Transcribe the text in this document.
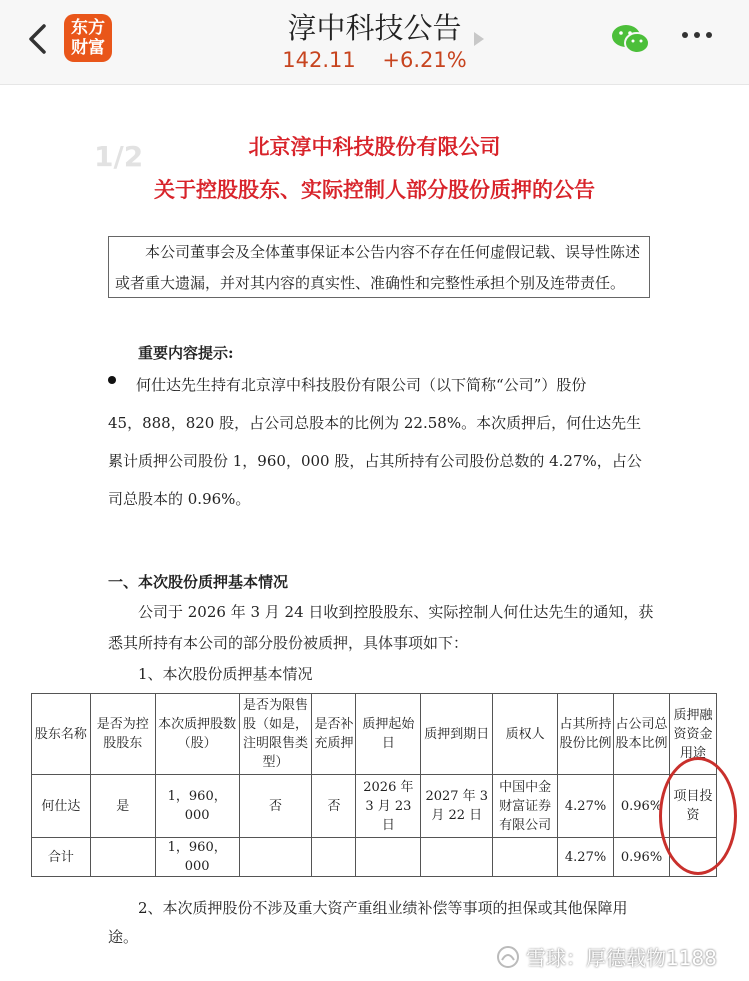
东方
财富
淳中科技公告
142.11 +6.21%
1/2	北京淳中科技股份有限公司
关于控股股东、实际控制人部分股份质押的公告

本公司董事会及全体董事保证本公告内容不存在任何虚假记载、误导性陈述

或者重大遗漏，并对其内容的真实性、准确性和完整性承担个别及连带责任。

重要内容提示:
何仕达先生持有北京淳中科技股份有限公司（以下简称“公司”）股份
45，888，820 股，占公司总股本的比例为 22.58%。本次质押后，何仕达先生
累计质押公司股份 1，960，000 股，占其所持有公司股份总数的 4.27%，占公
司总股本的 0.96%。
一、本次股份质押基本情况
公司于 2026 年 3 月 24 日收到控股股东、实际控制人何仕达先生的通知，获
悉其所持有本公司的部分股份被质押，具体事项如下：
1、本次股份质押基本情况
股东名称	是否为控股股东	本次质押股数（股）	是否为限售股（如是，注明限售类型）	是否补充质押	质押起始日	质押到期日	质权人	占其所持股份比例	占公司总股本比例	质押融资资金用途
何仕达	是	1，960，000	否	否	2026 年 3 月 23 日	2027 年 3 月 22 日	中国中金财富证券有限公司	4.27%	0.96%	项目投资
合计		1，960，000						4.27%	0.96%	
2、本次质押股份不涉及重大资产重组业绩补偿等事项的担保或其他保障用
途。
雪球：厚德载物1188
